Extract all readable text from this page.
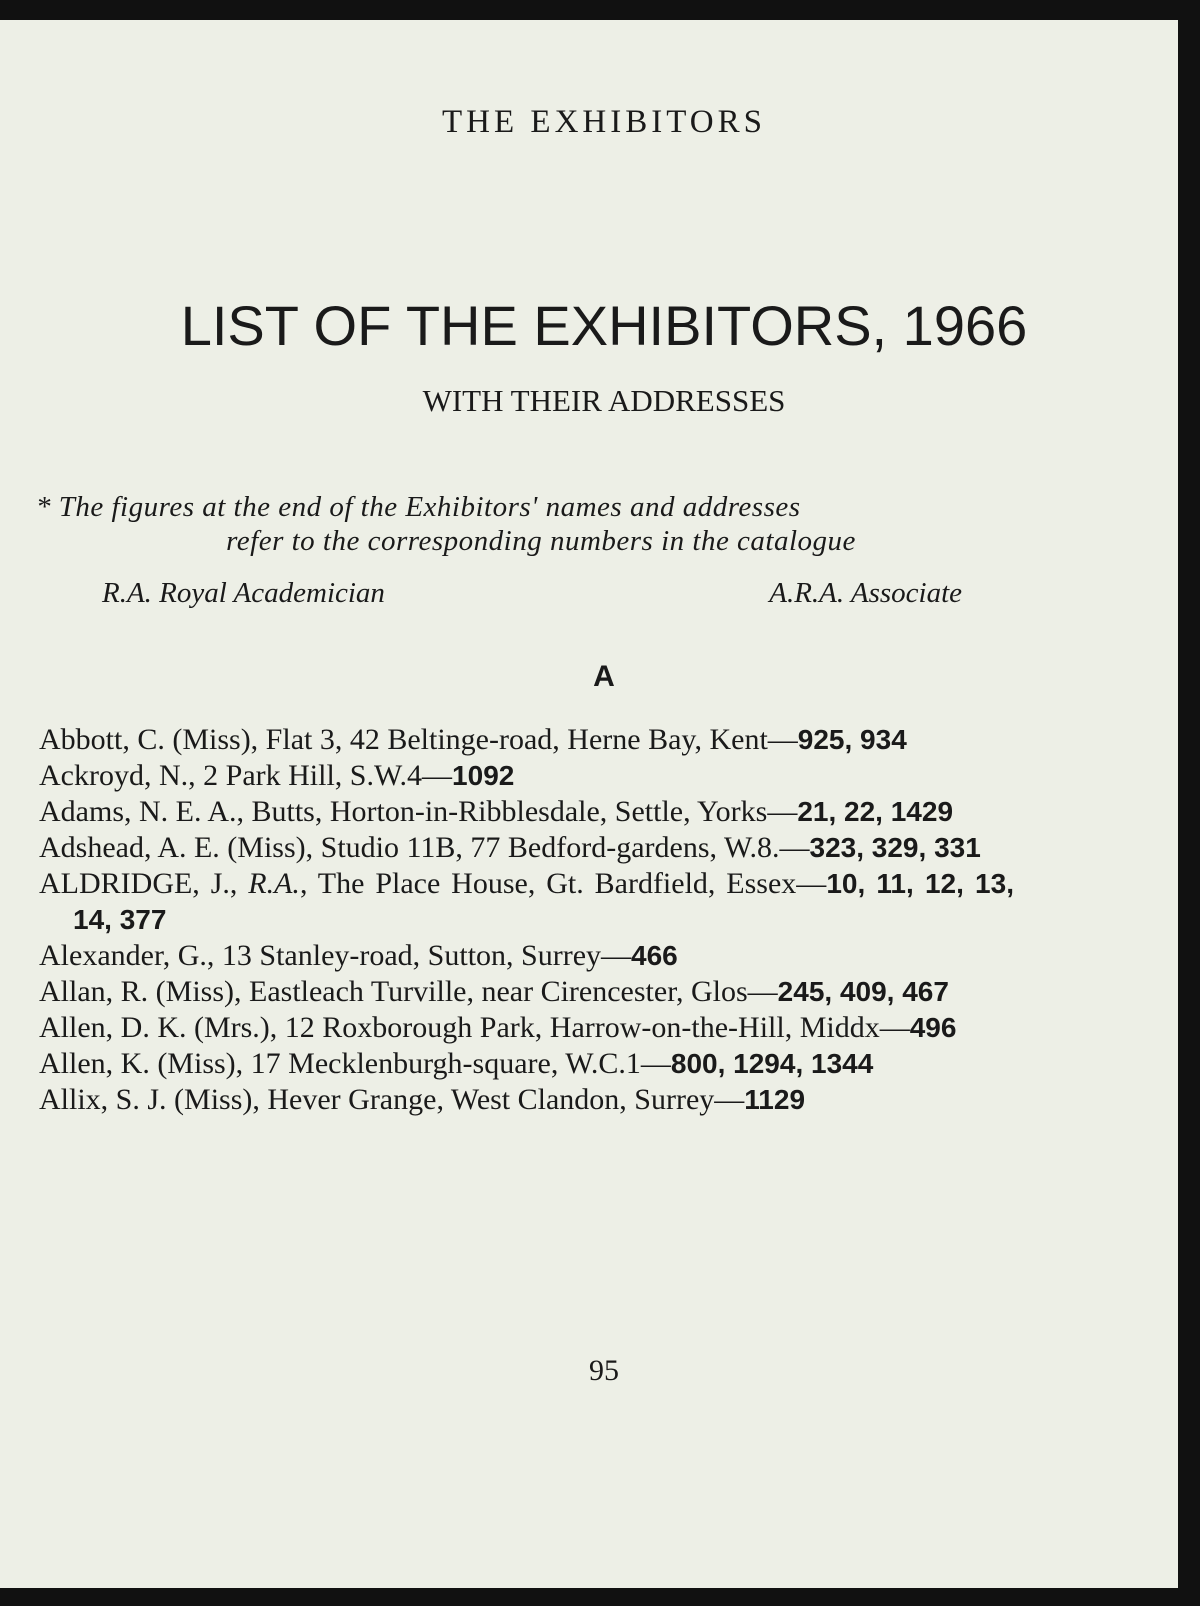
THE EXHIBITORS
LIST OF THE EXHIBITORS, 1966
WITH THEIR ADDRESSES
* The figures at the end of the Exhibitors' names and addresses
refer to the corresponding numbers in the catalogue
R.A. Royal Academician	A.R.A. Associate
A
Abbott, C. (Miss), Flat 3, 42 Beltinge-road, Herne Bay, Kent—925, 934
Ackroyd, N., 2 Park Hill, S.W.4—1092
Adams, N. E. A., Butts, Horton-in-Ribblesdale, Settle, Yorks—21, 22, 1429
Adshead, A. E. (Miss), Studio 11B, 77 Bedford-gardens, W.8.—323, 329, 331
ALDRIDGE, J., R.A., The Place House, Gt. Bardfield, Essex—10, 11, 12, 13, 14, 377
Alexander, G., 13 Stanley-road, Sutton, Surrey—466
Allan, R. (Miss), Eastleach Turville, near Cirencester, Glos—245, 409, 467
Allen, D. K. (Mrs.), 12 Roxborough Park, Harrow-on-the-Hill, Middx—496
Allen, K. (Miss), 17 Mecklenburgh-square, W.C.1—800, 1294, 1344
Allix, S. J. (Miss), Hever Grange, West Clandon, Surrey—1129
95
